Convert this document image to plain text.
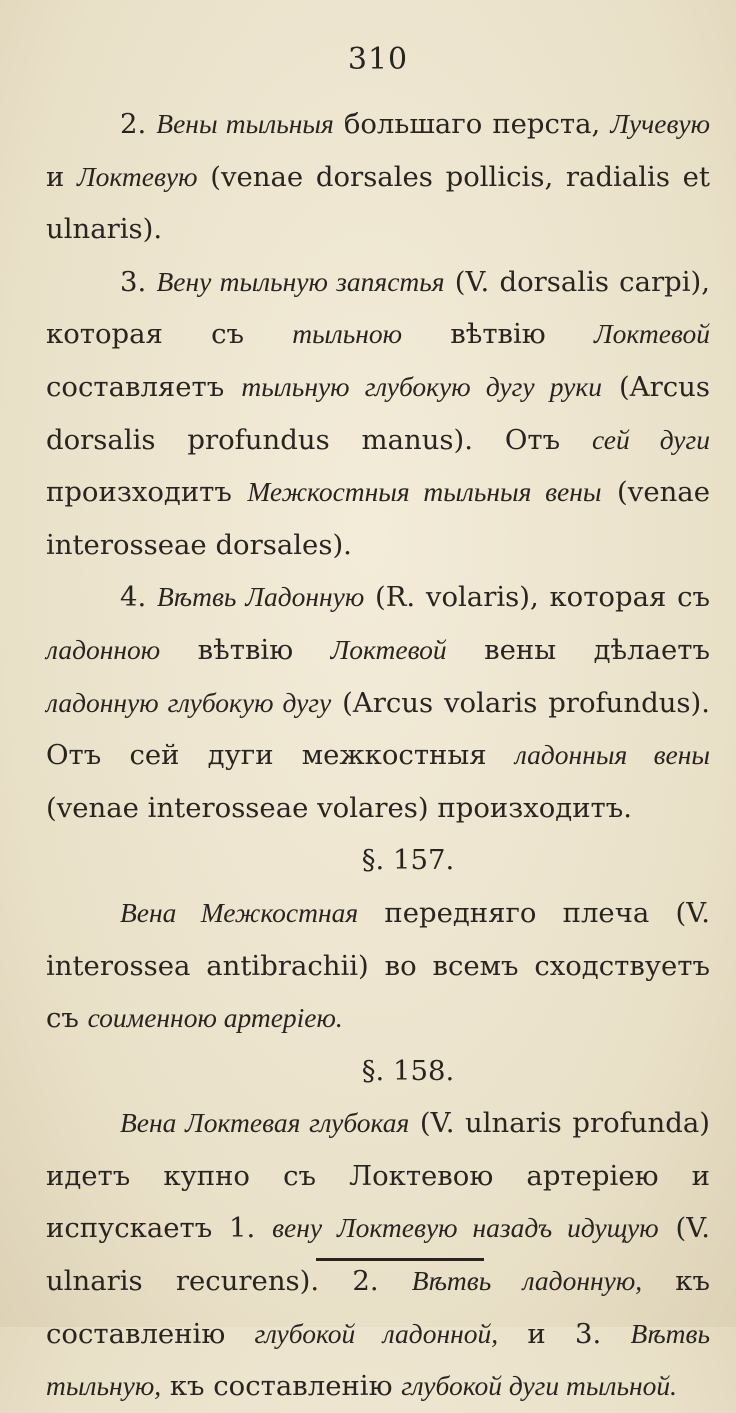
310

2. Вены тыльныя большаго перста, Лучевую и Локтевую (venae dorsales pollicis, radialis et ulnaris).

3. Вену тыльную запястья (V. dorsalis carpi), которая съ тыльною вѣтвію Локтевой составляетъ тыльную глубокую дугу руки (Arcus dorsalis profundus manus). Отъ сей дуги произходитъ Межкостныя тыльныя вены (venae interosseae dorsales).

4. Вѣтвь Ладонную (R. volaris), которая съ ладонною вѣтвію Локтевой вены дѣлаетъ ладонную глубокую дугу (Arcus volaris profundus). Отъ сей дуги межкостныя ладонныя вены (venae interosseae volares) произходитъ.

§. 157.

Вена Межкостная передняго плеча (V. interossea antibrachii) во всемъ сходствуетъ съ соименною артеріею.

§. 158.

Вена Локтевая глубокая (V. ulnaris profunda) идетъ купно съ Локтевою артеріею и испускаетъ 1. вену Локтевую назадъ идущую (V. ulnaris recurens). 2. Вѣтвь ладонную, къ составленію глубокой ладонной, и 3. Вѣтвь тыльную, къ составленію глубокой дуги тыльной.
